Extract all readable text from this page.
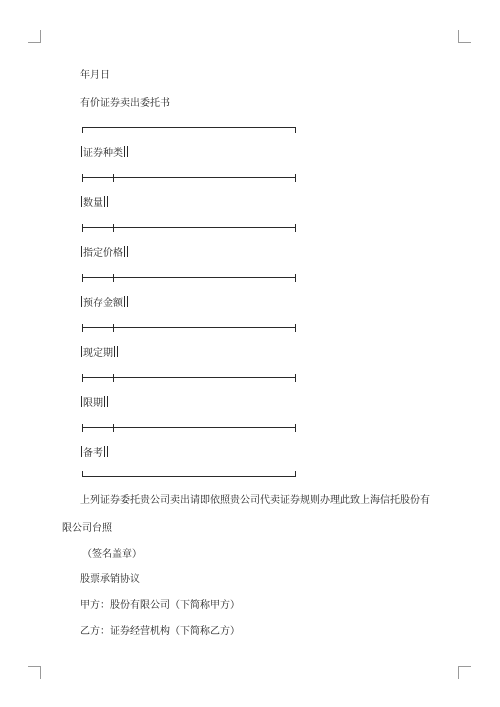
年月日
有价证券卖出委托书
证券种类
数量
指定价格
预存金额
现定期
限期
备考
上列证券委托贵公司卖出请即依照贵公司代卖证券规则办理此致上海信托股份有
限公司台照
（签名盖章）
股票承销协议
甲方：股份有限公司（下简称甲方）
乙方：证券经营机构（下简称乙方）
